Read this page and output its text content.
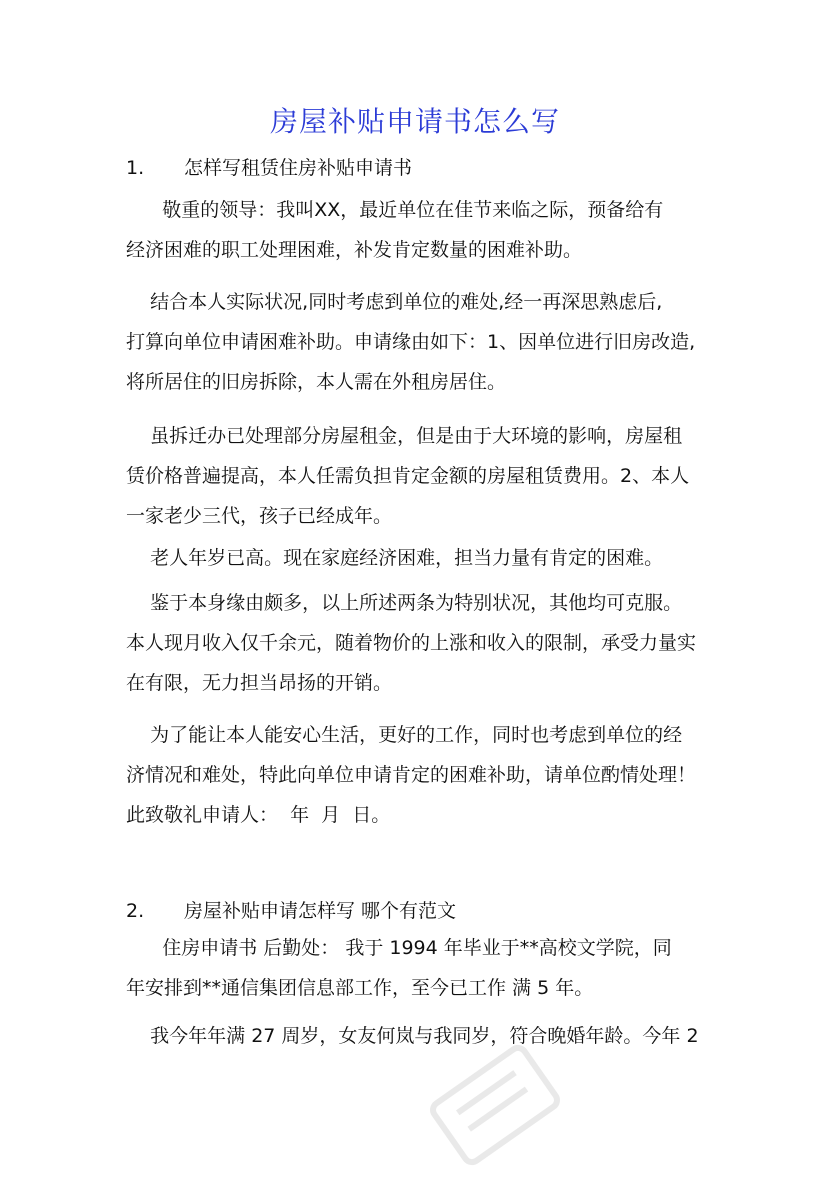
房屋补贴申请书怎么写
1. 怎样写租赁住房补贴申请书
敬重的领导：我叫XX，最近单位在佳节来临之际，预备给有
经济困难的职工处理困难，补发肯定数量的困难补助。
结合本人实际状况,同时考虑到单位的难处,经一再深思熟虑后,
打算向单位申请困难补助。申请缘由如下：1、因单位进行旧房改造,
将所居住的旧房拆除，本人需在外租房居住。
虽拆迁办已处理部分房屋租金，但是由于大环境的影响，房屋租
赁价格普遍提高，本人任需负担肯定金额的房屋租赁费用。2、本人
一家老少三代，孩子已经成年。
老人年岁已高。现在家庭经济困难，担当力量有肯定的困难。
鉴于本身缘由颇多，以上所述两条为特别状况，其他均可克服。
本人现月收入仅千余元，随着物价的上涨和收入的限制，承受力量实
在有限，无力担当昂扬的开销。
为了能让本人能安心生活，更好的工作，同时也考虑到单位的经
济情况和难处，特此向单位申请肯定的困难补助，请单位酌情处理！
此致敬礼申请人：  年  月  日。
2. 房屋补贴申请怎样写 哪个有范文
住房申请书 后勤处： 我于 1994 年毕业于**高校文学院，同
年安排到**通信集团信息部工作，至今已工作 满 5 年。
我今年年满 27 周岁，女友何岚与我同岁，符合晚婚年龄。今年 2
